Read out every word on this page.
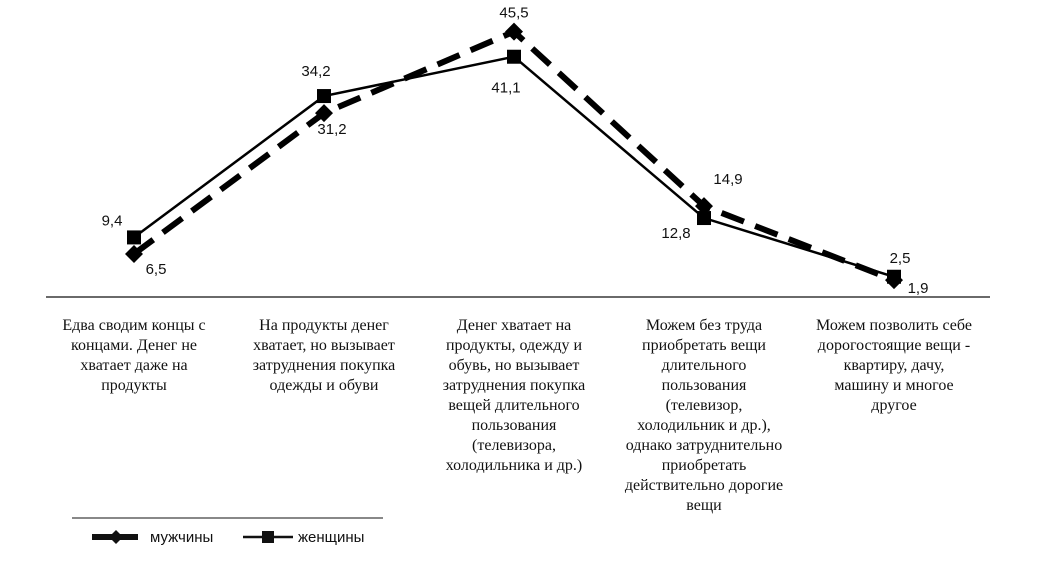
6,5
31,2
45,5
14,9
1,9
9,4
34,2
41,1
12,8
2,5
мужчины	женщины
Едва сводим концы с
концами. Денег не
хватает даже на
продукты
На продукты денег
хватает, но вызывает
затруднения покупка
одежды и обуви
Денег хватает на
продукты, одежду и
обувь, но вызывает
затруднения покупка
вещей длительного
пользования
(телевизора,
холодильника и др.)
Можем без труда
приобретать вещи
длительного
пользования
(телевизор,
холодильник и др.),
однако затруднительно
приобретать
действительно дорогие
вещи
Можем позволить себе
дорогостоящие вещи -
квартиру, дачу,
машину и многое
другое
